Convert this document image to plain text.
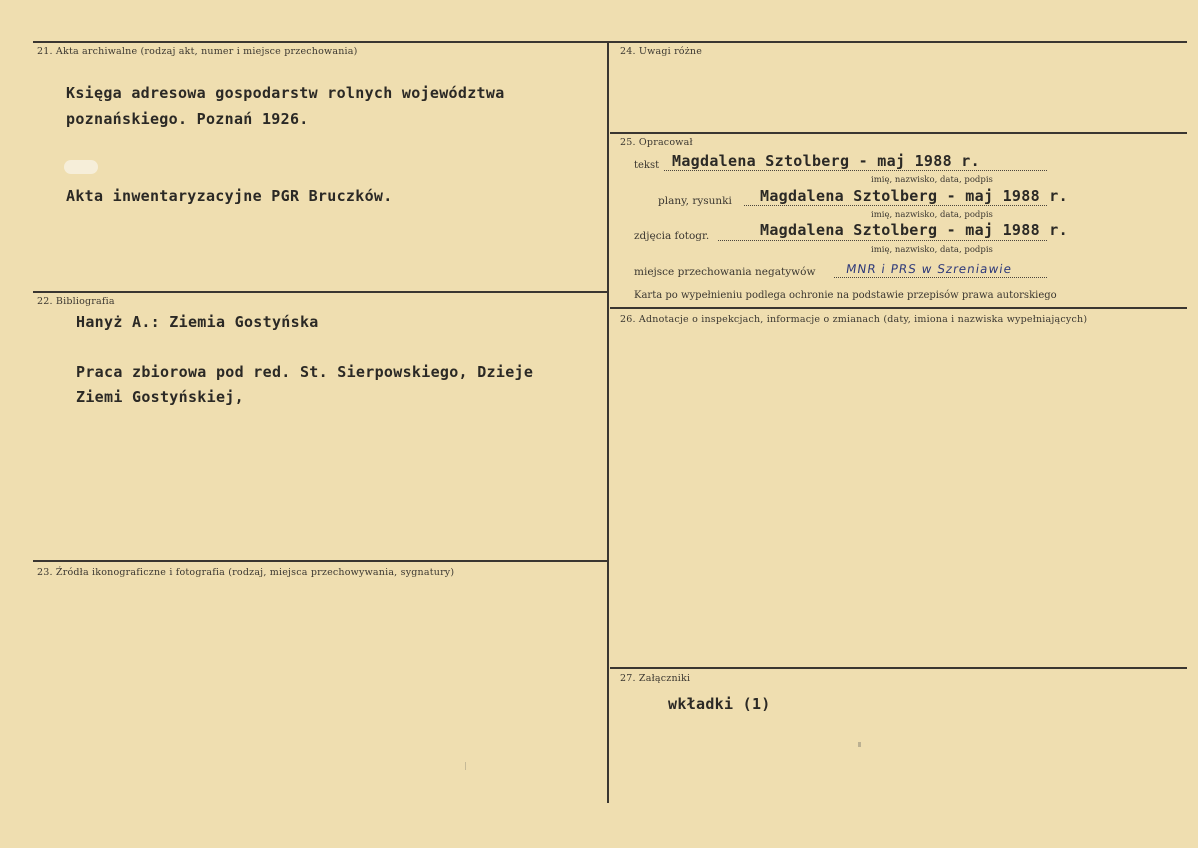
21. Akta archiwalne (rodzaj akt, numer i miejsce przechowania)
Księga adresowa gospodarstw rolnych województwa
poznańskiego. Poznań 1926.
Akta inwentaryzacyjne PGR Bruczków.
22. Bibliografia
Hanyż A.: Ziemia Gostyńska
Praca zbiorowa pod red. St. Sierpowskiego, Dzieje
Ziemi Gostyńskiej,
23. Źródła ikonograficzne i fotografia (rodzaj, miejsca przechowywania, sygnatury)
24. Uwagi różne
25. Opracował
tekst Magdalena Sztolberg - maj 1988 r.
imię, nazwisko, data, podpis
plany, rysunki Magdalena Sztolberg - maj 1988 r.
imię, nazwisko, data, podpis
zdjęcia fotogr.	Magdalena Sztolberg - maj 1988 r.
imię, nazwisko, data, podpis
miejsce przechowania negatywów MNR i PRS w Szreniawie
Karta po wypełnieniu podlega ochronie na podstawie przepisów prawa autorskiego
26. Adnotacje o inspekcjach, informacje o zmianach (daty, imiona i nazwiska wypełniających)
27. Załączniki
wkładki (1)
